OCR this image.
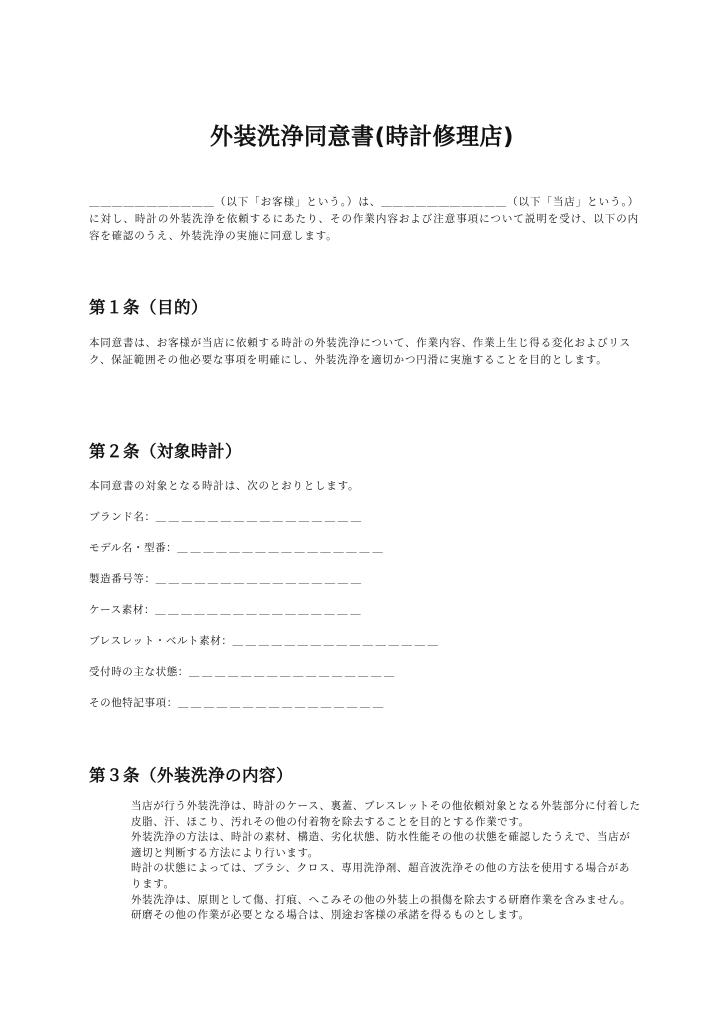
外装洗浄同意書(時計修理店)

＿＿＿＿＿＿＿＿＿＿＿（以下「お客様」という。）は、＿＿＿＿＿＿＿＿＿＿＿（以下「当店」という。）に対し、時計の外装洗浄を依頼するにあたり、その作業内容および注意事項について説明を受け、以下の内容を確認のうえ、外装洗浄の実施に同意します。

第１条（目的）

本同意書は、お客様が当店に依頼する時計の外装洗浄について、作業内容、作業上生じ得る変化およびリスク、保証範囲その他必要な事項を明確にし、外装洗浄を適切かつ円滑に実施することを目的とします。

第２条（対象時計）

本同意書の対象となる時計は、次のとおりとします。

ブランド名：＿＿＿＿＿＿＿＿＿＿＿＿＿＿＿＿
モデル名・型番：＿＿＿＿＿＿＿＿＿＿＿＿＿＿＿＿
製造番号等：＿＿＿＿＿＿＿＿＿＿＿＿＿＿＿＿
ケース素材：＿＿＿＿＿＿＿＿＿＿＿＿＿＿＿＿
ブレスレット・ベルト素材：＿＿＿＿＿＿＿＿＿＿＿＿＿＿＿＿
受付時の主な状態：＿＿＿＿＿＿＿＿＿＿＿＿＿＿＿＿
その他特記事項：＿＿＿＿＿＿＿＿＿＿＿＿＿＿＿＿
第３条（外装洗浄の内容）
当店が行う外装洗浄は、時計のケース、裏蓋、ブレスレットその他依頼対象となる外装部分に付着した皮脂、汗、ほこり、汚れその他の付着物を除去することを目的とする作業です。
外装洗浄の方法は、時計の素材、構造、劣化状態、防水性能その他の状態を確認したうえで、当店が適切と判断する方法により行います。
時計の状態によっては、ブラシ、クロス、専用洗浄剤、超音波洗浄その他の方法を使用する場合があります。
外装洗浄は、原則として傷、打痕、へこみその他の外装上の損傷を除去する研磨作業を含みません。研磨その他の作業が必要となる場合は、別途お客様の承諾を得るものとします。
